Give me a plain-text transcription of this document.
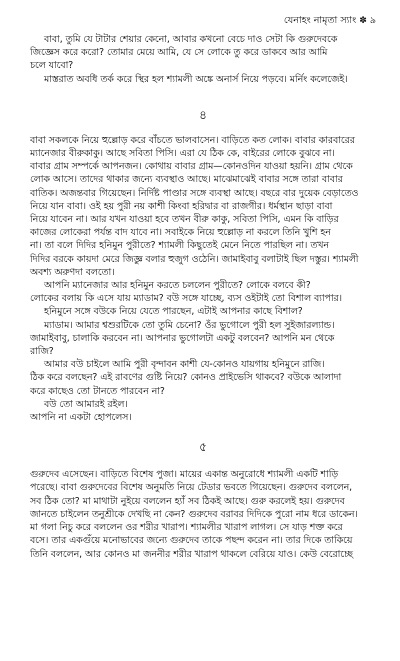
যেনাহং নামৃতা স্যাং ✽ ৯

বাবা, তুমি যে টাটার শেয়ার কেনো, আবার কখনো বেচে দাও সেটা কি গুরুদেবকে
জিজ্ঞেস করে করো? তোমার মেয়ে আমি, যে সে লোকে তু করে ডাকবে আর আমি
চলে যাবো?

মাস্তরাত অবধি তর্ক করে স্থির হল শ্যামলী অঙ্কে অনার্স নিয়ে পড়বে। মর্নিং কলেজেই।

৪

বাবা সকলকে নিয়ে হুল্লোড় করে বাঁচতে ভালবাসেন। বাড়িতে কত লোক। বাবার কারবারের
ম্যানেজার বীরুকাকু। আছে সবিতা পিসি। এরা যে ঠিক কে, বাইরের লোকে বুঝবে না।
বাবার গ্রাম সম্পর্কে আপনজন। কোথায় বাবার গ্রাম—কোনওদিন যাওয়া হয়নি। গ্রাম থেকে
লোক আসে। তাদের থাকার জন্যে ব্যবস্থাও আছে। মাঝেমাঝেই বাবার সঙ্গে তারা বাবার
বাতিক। অজন্তবার গিয়েছেন। নির্দিষ্ট পাণ্ডার সঙ্গে ব্যবস্থা আছে। বছরে বার দুয়েক বেড়াতেও
নিয়ে যান বাবা। ওই হয় পুরী নয় কাশী কিংবা হরিদ্বার বা রাজগীর। ধর্মস্থান ছাড়া বাবা
নিয়ে যাবেন না। আর যখন যাওয়া হবে তখন বীরু কাকু, সবিতা পিসি, এমন কি বাড়ির
কাজের লোকেরা পর্যন্ত বাদ যাবে না। সবাইকে নিয়ে হুল্লোড় না করলে তিনি খুশি হন
না। তা বলে দিদির হনিমুন পুরীতে? শ্যামলী কিছুতেই মেনে নিতে পারছিল না। তখন
দিদির বরকে কায়দা মেরে জিজ্ঞু বলার হুজুগ ওঠেনি। জামাইবাবু বলাটাই ছিল দস্তুর। শ্যামলী
অবশ্য অরুণদা বলতো।

আপনি ম্যানেজার আর হনিমুন করতে চললেন পুরীতে? লোকে বলবে কী?
লোকের বলায় কি এসে যায় ম্যাডাম? বউ সঙ্গে যাচ্ছে, ব্যস ওইটাই তো বিশাল ব্যাপার।

হনিমুনে সঙ্গে বউকে নিয়ে যেতে পারছেন, এটাই আপনার কাছে বিশাল?

ম্যাডাম। আমার শ্বশুরটিকে তো তুমি চেনো? ওঁর ভুগোলে পুরী হল সুইজারল্যান্ড।
জামাইবাবু, চালাকি করবেন না। আপনার ভুগোলটা একটু বলবেন? আপনি মন থেকে
রাজি?

আমার বউ চাইলে আমি পুরী বৃন্দাবন কাশী যে-কোনও যায়গায় হনিমুনে রাজি।
ঠিক করে বলছেন? এই রাবণের গুষ্টি নিয়ে? কোনও প্রাইভেসি থাকবে? বউকে আলাদা
করে কাছেও তো টানতে পারবেন না?

বউ তো আমারই রইল।
আপনি না একটা হোপলেস।

৫

গুরুদেব এসেছেন। বাড়িতে বিশেষ পুজা। মায়ের একান্ত অনুরোধে শ্যামলী একটি শাড়ি
পরেছে। বাবা গুরুদেবের বিশেষ অনুমতি নিয়ে টেডার ভবতে গিয়েছেন। গুরুদেব বললেন,
সব ঠিক তো? মা মাথাটা নুইয়ে বললেন হ্যাঁ সব ঠিকই আছে। গুরু করলেই হয়। গুরুদেব
জানতে চাইলেন তনুশ্রীকে দেখছি না কেন? গুরুদেব বরাবর দিদিকে পুরো নাম ধরে ডাকেন।
মা গলা নিচু করে বললেন ওর শরীর খারাপ। শ্যামলীর খারাপ লাগল। সে যাড় শক্ত করে
বসে। তার একগুঁয়ে মনোভাবের জন্যে গুরুদেব তাকে পছন্দ করেন না। তার দিকে তাকিয়ে
তিনি বললেন, আর কোনও মা জননীর শরীর খারাপ থাকলে বেরিয়ে যাও। কেউ বেরোচ্ছে
